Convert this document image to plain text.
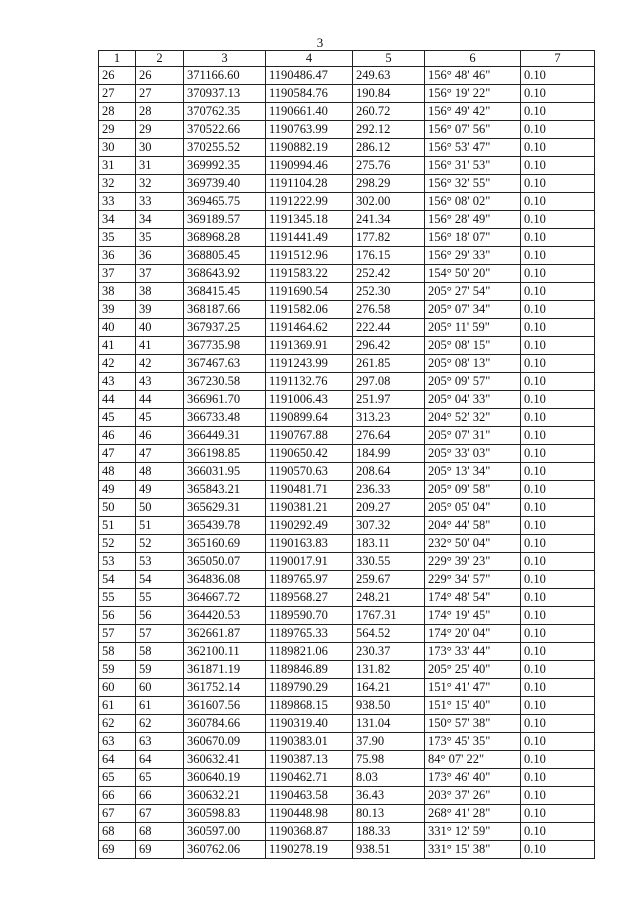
3
1	2	3	4	5	6	7
26	26	371166.60	1190486.47	249.63	156° 48' 46"	0.10
27	27	370937.13	1190584.76	190.84	156° 19' 22"	0.10
28	28	370762.35	1190661.40	260.72	156° 49' 42"	0.10
29	29	370522.66	1190763.99	292.12	156° 07' 56"	0.10
30	30	370255.52	1190882.19	286.12	156° 53' 47"	0.10
31	31	369992.35	1190994.46	275.76	156° 31' 53"	0.10
32	32	369739.40	1191104.28	298.29	156° 32' 55"	0.10
33	33	369465.75	1191222.99	302.00	156° 08' 02"	0.10
34	34	369189.57	1191345.18	241.34	156° 28' 49"	0.10
35	35	368968.28	1191441.49	177.82	156° 18' 07"	0.10
36	36	368805.45	1191512.96	176.15	156° 29' 33"	0.10
37	37	368643.92	1191583.22	252.42	154° 50' 20"	0.10
38	38	368415.45	1191690.54	252.30	205° 27' 54"	0.10
39	39	368187.66	1191582.06	276.58	205° 07' 34"	0.10
40	40	367937.25	1191464.62	222.44	205° 11' 59"	0.10
41	41	367735.98	1191369.91	296.42	205° 08' 15"	0.10
42	42	367467.63	1191243.99	261.85	205° 08' 13"	0.10
43	43	367230.58	1191132.76	297.08	205° 09' 57"	0.10
44	44	366961.70	1191006.43	251.97	205° 04' 33"	0.10
45	45	366733.48	1190899.64	313.23	204° 52' 32"	0.10
46	46	366449.31	1190767.88	276.64	205° 07' 31"	0.10
47	47	366198.85	1190650.42	184.99	205° 33' 03"	0.10
48	48	366031.95	1190570.63	208.64	205° 13' 34"	0.10
49	49	365843.21	1190481.71	236.33	205° 09' 58"	0.10
50	50	365629.31	1190381.21	209.27	205° 05' 04"	0.10
51	51	365439.78	1190292.49	307.32	204° 44' 58"	0.10
52	52	365160.69	1190163.83	183.11	232° 50' 04"	0.10
53	53	365050.07	1190017.91	330.55	229° 39' 23"	0.10
54	54	364836.08	1189765.97	259.67	229° 34' 57"	0.10
55	55	364667.72	1189568.27	248.21	174° 48' 54"	0.10
56	56	364420.53	1189590.70	1767.31	174° 19' 45"	0.10
57	57	362661.87	1189765.33	564.52	174° 20' 04"	0.10
58	58	362100.11	1189821.06	230.37	173° 33' 44"	0.10
59	59	361871.19	1189846.89	131.82	205° 25' 40"	0.10
60	60	361752.14	1189790.29	164.21	151° 41' 47"	0.10
61	61	361607.56	1189868.15	938.50	151° 15' 40"	0.10
62	62	360784.66	1190319.40	131.04	150° 57' 38"	0.10
63	63	360670.09	1190383.01	37.90	173° 45' 35"	0.10
64	64	360632.41	1190387.13	75.98	84° 07' 22"	0.10
65	65	360640.19	1190462.71	8.03	173° 46' 40"	0.10
66	66	360632.21	1190463.58	36.43	203° 37' 26"	0.10
67	67	360598.83	1190448.98	80.13	268° 41' 28"	0.10
68	68	360597.00	1190368.87	188.33	331° 12' 59"	0.10
69	69	360762.06	1190278.19	938.51	331° 15' 38"	0.10
